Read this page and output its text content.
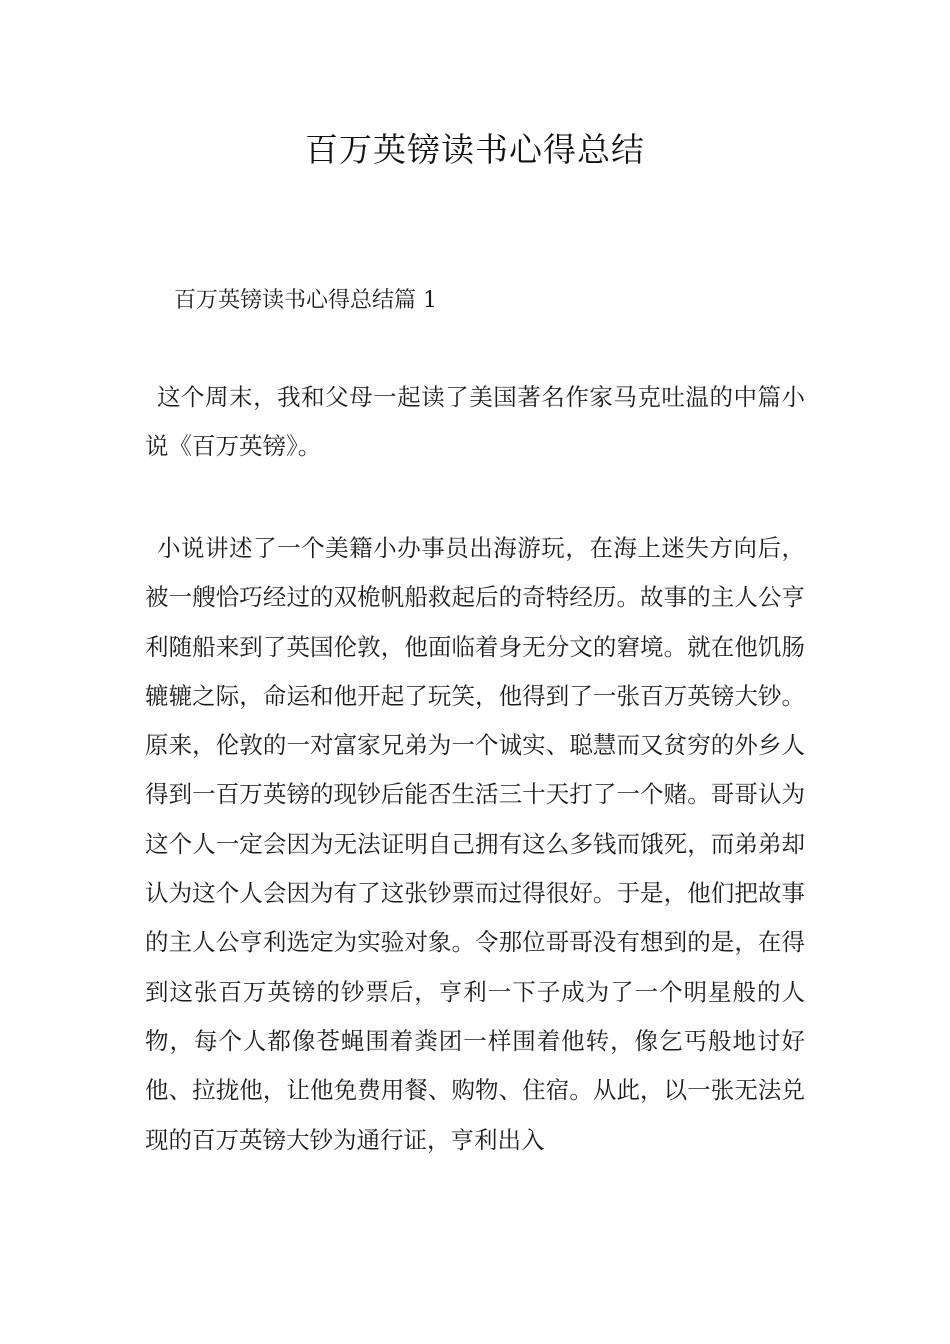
百万英镑读书心得总结
百万英镑读书心得总结篇 1

这个周末，我和父母一起读了美国著名作家马克吐温的中篇小说《百万英镑》。

小说讲述了一个美籍小办事员出海游玩，在海上迷失方向后，被一艘恰巧经过的双桅帆船救起后的奇特经历。故事的主人公亨利随船来到了英国伦敦，他面临着身无分文的窘境。就在他饥肠辘辘之际，命运和他开起了玩笑，他得到了一张百万英镑大钞。原来，伦敦的一对富家兄弟为一个诚实、聪慧而又贫穷的外乡人得到一百万英镑的现钞后能否生活三十天打了一个赌。哥哥认为这个人一定会因为无法证明自己拥有这么多钱而饿死，而弟弟却认为这个人会因为有了这张钞票而过得很好。于是，他们把故事的主人公亨利选定为实验对象。令那位哥哥没有想到的是，在得到这张百万英镑的钞票后，亨利一下子成为了一个明星般的人物，每个人都像苍蝇围着粪团一样围着他转，像乞丐般地讨好他、拉拢他，让他免费用餐、购物、住宿。从此，以一张无法兑现的百万英镑大钞为通行证，亨利出入
